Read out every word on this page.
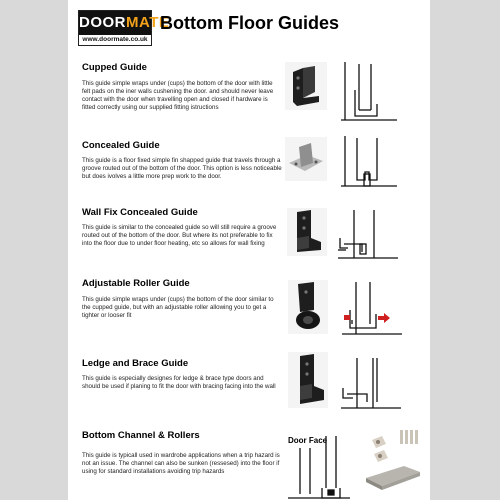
DOORMATE
www.doormate.co.uk
Bottom Floor Guides
Cupped Guide
This guide simple wraps under (cups) the bottom of the door with little felt pads on the iner walls cushening the door. and should never leave contact with the door when travelling open and closed if hardware is fitted correctly using our supplied fitting istructions
Concealed Guide
This guide is a floor fixed simple fin shapped guide that travels through a groove routed out of the bottom of the door. This option is less noticeable but does ivolves a little more prep work to the door.
Wall Fix Concealed Guide
This guide is similar to the concealed guide so will still require a groove routed out of the bottom of the door. But where its not preferable to fix into the floor due to under floor heating, etc so allows for wall fixing
Adjustable Roller Guide
This guide simple wraps under (cups) the bottom of the door similar to the cupped guide, but with an adjustable roller allowing you to get a tighter or looser fit
Ledge and Brace Guide
This guide is especially designes for ledge & brace type doors and should be used if planing to fit the door with bracing facing into the wall
Bottom Channel & Rollers
This guide is typicall used in wardrobe applications when a trip hazard is not an issue. The channel can also be sunken (ressesed) into the floor if using for standard installations avoiding trip hazards
Door Face
